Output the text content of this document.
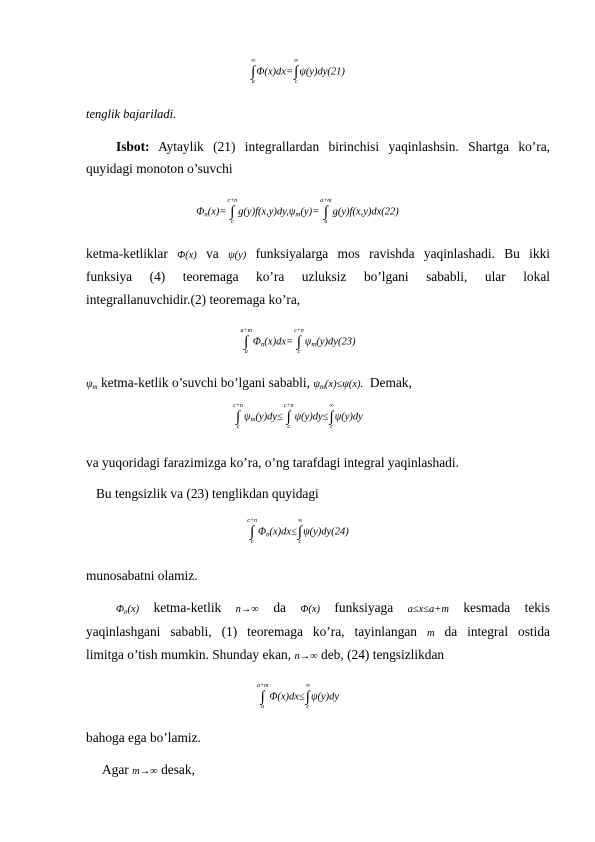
∞
∫
a
Φ(x)dx=
∞
∫
c
ψ(y)dy(21)
tenglik bajariladi.
Isbot: Aytaylik (21) integrallardan birinchisi yaqinlashsin. Shartga ko’ra,
quyidagi monoton o’suvchi
Φn(x)=
c+n
∫
c
g(y)f(x,y)dy,ψm(y)=
a+m
∫
a
g(y)f(x,y)dx(22)
ketma-ketliklar Φ(x) va ψ(y) funksiyalarga mos ravishda yaqinlashadi. Bu ikki
funksiya (4) teoremaga ko’ra uzluksiz bo’lgani sababli, ular lokal
integrallanuvchidir.(2) teoremaga ko’ra,
a+m
∫
a
Φn(x)dx=
c+n
∫
c
ψm(y)dy(23)
ψm ketma-ketlik o’suvchi bo’lgani sababli, ψm(x)≤ψ(x). Demak,
c+n
∫
c
ψm(y)dy≤
c+n
∫
c
ψ(y)dy≤
∞
∫
c
ψ(y)dy
va yuqoridagi farazimizga ko’ra, o’ng tarafdagi integral yaqinlashadi.
Bu tengsizlik va (23) tenglikdan quyidagi
c+n
∫
c
Φn(x)dx≤
∞
∫
c
ψ(y)dy(24)
munosabatni olamiz.
Φn(x) ketma-ketlik n→∞ da Φ(x) funksiyaga a≤x≤a+m kesmada tekis
yaqinlashgani sababli, (1) teoremaga ko’ra, tayinlangan m da integral ostida
limitga o’tish mumkin. Shunday ekan, n→∞ deb, (24) tengsizlikdan
a+m
∫
a
Φ(x)dx≤
∞
∫
c
ψ(y)dy
bahoga ega bo’lamiz.
Agar m→∞ desak,
